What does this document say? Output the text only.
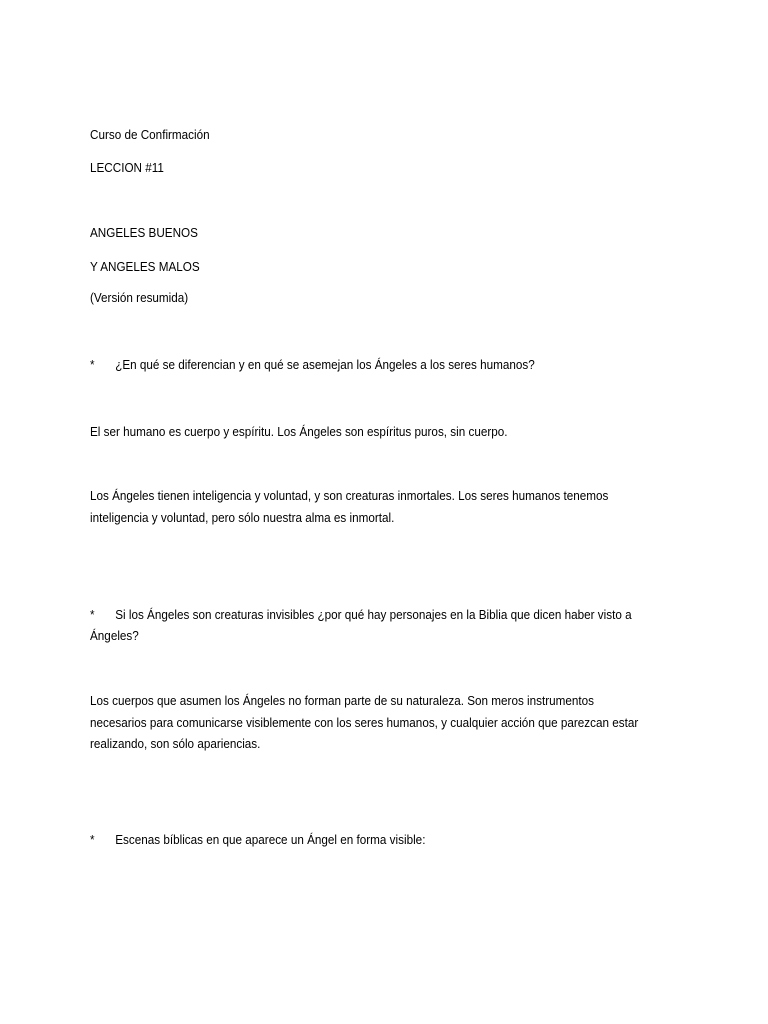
Curso de Confirmación
LECCION #11
ANGELES BUENOS
Y ANGELES MALOS
(Versión resumida)
* ¿En qué se diferencian y en qué se asemejan los Ángeles a los seres humanos?
El ser humano es cuerpo y espíritu. Los Ángeles son espíritus puros, sin cuerpo.
Los Ángeles tienen inteligencia y voluntad, y son creaturas inmortales. Los seres humanos tenemos
inteligencia y voluntad, pero sólo nuestra alma es inmortal.
* Si los Ángeles son creaturas invisibles ¿por qué hay personajes en la Biblia que dicen haber visto a
Ángeles?
Los cuerpos que asumen los Ángeles no forman parte de su naturaleza. Son meros instrumentos
necesarios para comunicarse visiblemente con los seres humanos, y cualquier acción que parezcan estar
realizando, son sólo apariencias.
* Escenas bíblicas en que aparece un Ángel en forma visible:
